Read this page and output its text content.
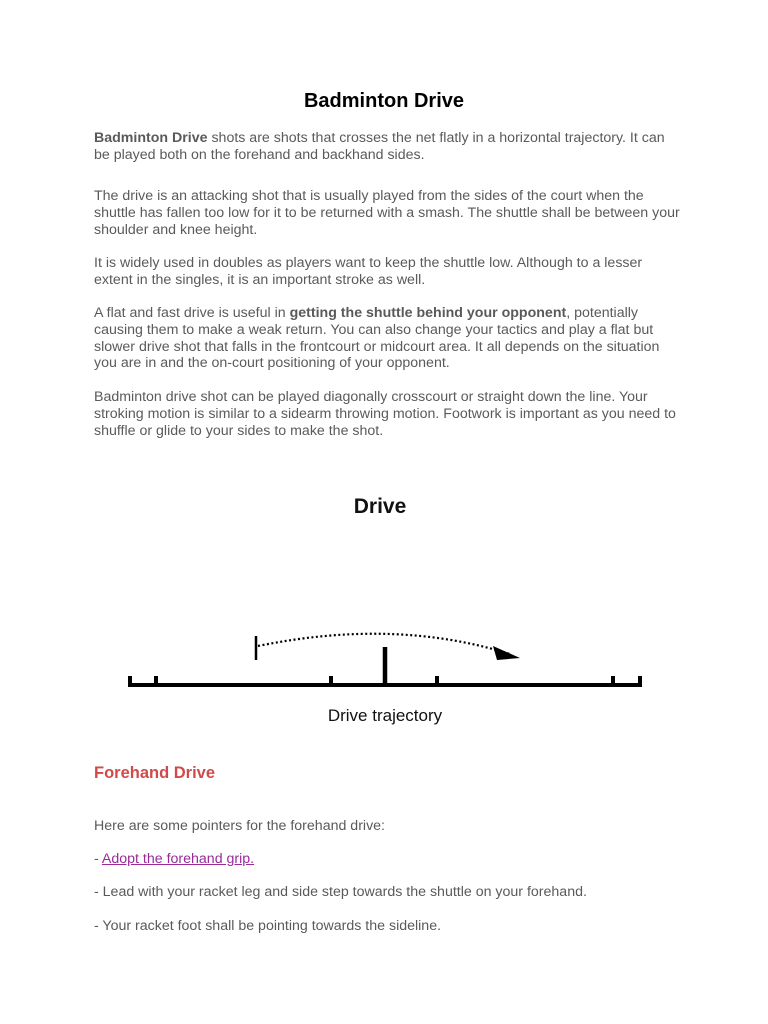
Badminton Drive

Badminton Drive shots are shots that crosses the net flatly in a horizontal trajectory. It can be played both on the forehand and backhand sides.

The drive is an attacking shot that is usually played from the sides of the court when the shuttle has fallen too low for it to be returned with a smash. The shuttle shall be between your shoulder and knee height.

It is widely used in doubles as players want to keep the shuttle low. Although to a lesser extent in the singles, it is an important stroke as well.

A flat and fast drive is useful in getting the shuttle behind your opponent, potentially causing them to make a weak return. You can also change your tactics and play a flat but slower drive shot that falls in the frontcourt or midcourt area. It all depends on the situation you are in and the on-court positioning of your opponent.

Badminton drive shot can be played diagonally crosscourt or straight down the line. Your stroking motion is similar to a sidearm throwing motion. Footwork is important as you need to shuffle or glide to your sides to make the shot.

Drive
Drive trajectory
Forehand Drive

Here are some pointers for the forehand drive:

- Adopt the forehand grip.

- Lead with your racket leg and side step towards the shuttle on your forehand.

- Your racket foot shall be pointing towards the sideline.
